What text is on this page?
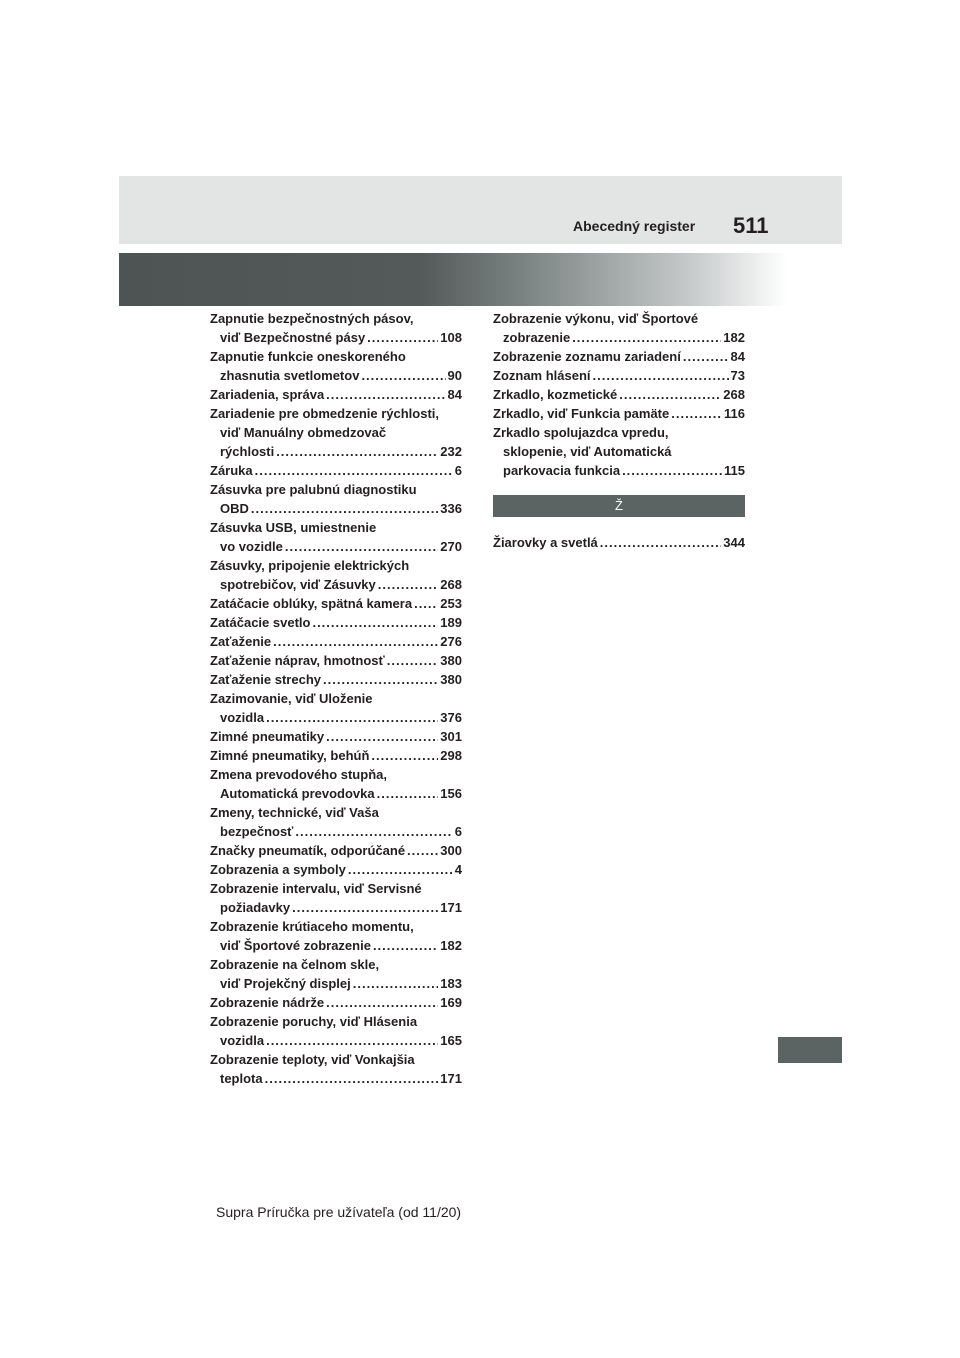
Abecedný register 511
Zapnutie bezpečnostných pásov,
viď Bezpečnostné pásy .....	108
Zapnutie funkcie oneskoreného
zhasnutia svetlometov .....	90
Zariadenia, správa .....	84
Zariadenie pre obmedzenie rýchlosti,
viď Manuálny obmedzovač
rýchlosti .....	232
Záruka .....	6
Zásuvka pre palubnú diagnostiku
OBD .....	336
Zásuvka USB, umiestnenie
vo vozidle .....	270
Zásuvky, pripojenie elektrických
spotrebičov, viď Zásuvky .....	268
Zatáčacie oblúky, spätná kamera ..... 253
Zatáčacie svetlo .....	189
Zaťaženie .....	276
Zaťaženie náprav, hmotnosť .....	380
Zaťaženie strechy .....	380
Zazimovanie, viď Uloženie
vozidla .....	376
Zimné pneumatiky .....	301
Zimné pneumatiky, behúň .....	298
Zmena prevodového stupňa,
Automatická prevodovka .....	156
Zmeny, technické, viď Vaša
bezpečnosť .....	6
Značky pneumatík, odporúčané .....	300
Zobrazenia a symboly .....	4
Zobrazenie intervalu, viď Servisné
požiadavky .....	171
Zobrazenie krútiaceho momentu,
viď Športové zobrazenie .....	182
Zobrazenie na čelnom skle,
viď Projekčný displej .....	183
Zobrazenie nádrže .....	169
Zobrazenie poruchy, viď Hlásenia
vozidla .....	165
Zobrazenie teploty, viď Vonkajšia
teplota .....	171
Zobrazenie výkonu, viď Športové
zobrazenie .....	182
Zobrazenie zoznamu zariadení .....	84
Zoznam hlásení .....	73
Zrkadlo, kozmetické .....	268
Zrkadlo, viď Funkcia pamäte .....	116
Zrkadlo spolujazdca vpredu,
sklopenie, viď Automatická
parkovacia funkcia .....	115
Ž
Žiarovky a svetlá .....	344
Supra Príručka pre užívateľa (od 11/20)
